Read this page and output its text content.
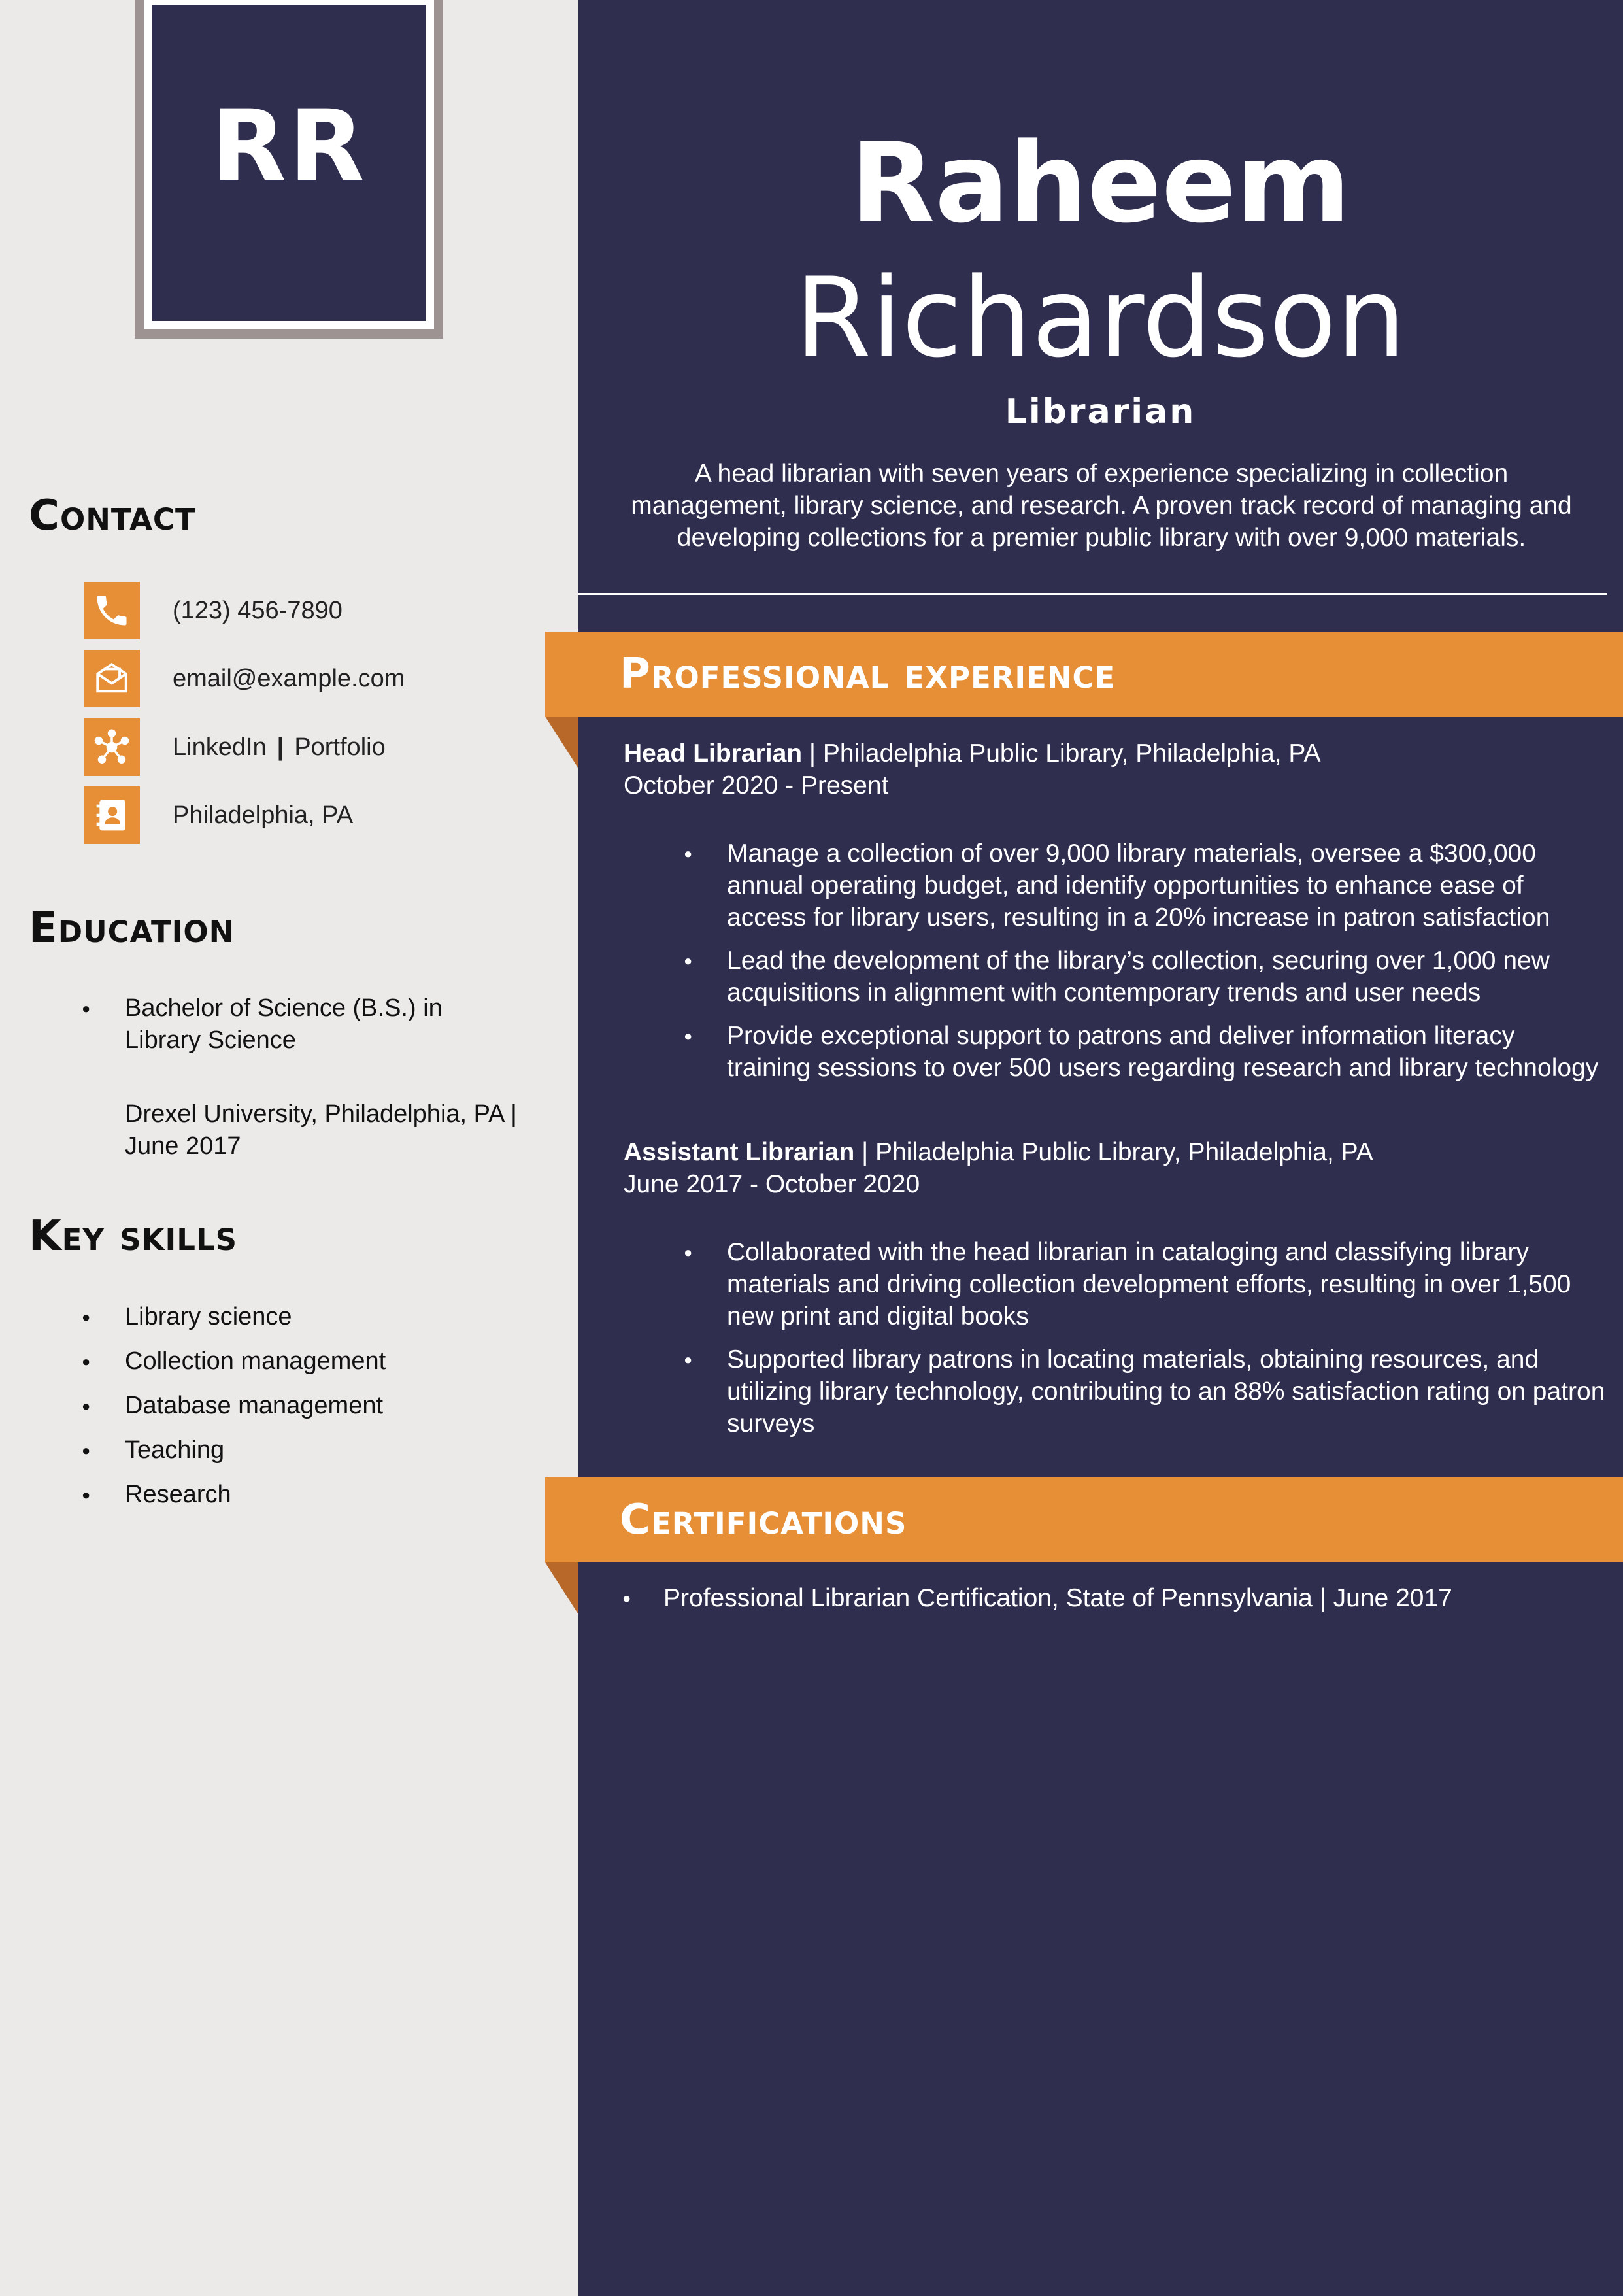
RR
Contact
(123) 456-7890
email@example.com
LinkedIn | Portfolio
Philadelphia, PA
Education
● Bachelor of Science (B.S.) in Library Science
Drexel University, Philadelphia, PA | June 2017
Key skills
● Library science
● Collection management
● Database management
● Teaching
● Research
Raheem
Richardson
Librarian
A head librarian with seven years of experience specializing in collection management, library science, and research. A proven track record of managing and developing collections for a premier public library with over 9,000 materials.
Professional experience
Head Librarian | Philadelphia Public Library, Philadelphia, PA
October 2020 - Present
● Manage a collection of over 9,000 library materials, oversee a $300,000 annual operating budget, and identify opportunities to enhance ease of access for library users, resulting in a 20% increase in patron satisfaction
● Lead the development of the library’s collection, securing over 1,000 new acquisitions in alignment with contemporary trends and user needs
● Provide exceptional support to patrons and deliver information literacy training sessions to over 500 users regarding research and library technology
Assistant Librarian | Philadelphia Public Library, Philadelphia, PA
June 2017 - October 2020
● Collaborated with the head librarian in cataloging and classifying library materials and driving collection development efforts, resulting in over 1,500 new print and digital books
● Supported library patrons in locating materials, obtaining resources, and utilizing library technology, contributing to an 88% satisfaction rating on patron surveys
Certifications
● Professional Librarian Certification, State of Pennsylvania | June 2017
